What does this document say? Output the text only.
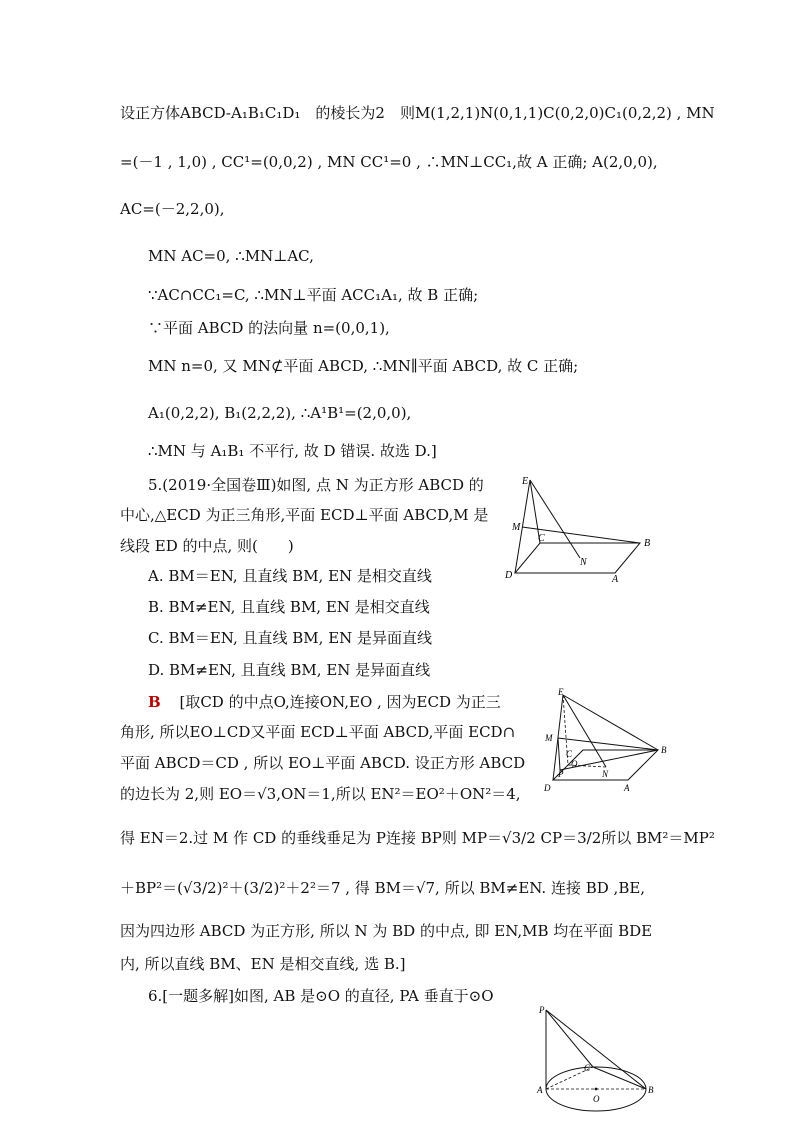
设正方体ABCD-A₁B₁C₁D₁　的棱长为2　则M(1,2,1)N(0,1,1)C(0,2,0)C₁(0,2,2) , MN
=(－1 , 1,0) , CC¹=(0,0,2) , MN CC¹=0 , ∴MN⊥CC₁,故 A 正确; A(2,0,0),
AC=(－2,2,0),
MN AC=0, ∴MN⊥AC,
∵AC∩CC₁=C, ∴MN⊥平面 ACC₁A₁, 故 B 正确;
∵平面 ABCD 的法向量 n=(0,0,1),
MN n=0, 又 MN⊄平面 ABCD, ∴MN∥平面 ABCD, 故 C 正确;
A₁(0,2,2), B₁(2,2,2), ∴A¹B¹=(2,0,0),
∴MN 与 A₁B₁ 不平行, 故 D 错误. 故选 D.]
5.(2019·全国卷Ⅲ)如图, 点 N 为正方形 ABCD 的
中心,△ECD 为正三角形,平面 ECD⊥平面 ABCD,M 是
线段 ED 的中点, 则(　　)
A. BM＝EN, 且直线 BM, EN 是相交直线
B. BM≠EN, 且直线 BM, EN 是相交直线
C. BM＝EN, 且直线 BM, EN 是异面直线
D. BM≠EN, 且直线 BM, EN 是异面直线
E
M
C
N
B
D	A
B [取CD 的中点O,连接ON,EO , 因为ECD 为正三
角形, 所以EO⊥CD又平面 ECD⊥平面 ABCD,平面 ECD∩
平面 ABCD＝CD , 所以 EO⊥平面 ABCD. 设正方形 ABCD
的边长为 2,则 EO＝√3,ON＝1,所以 EN²＝EO²＋ON²＝4,
得 EN＝2.过 M 作 CD 的垂线垂足为 P连接 BP则 MP＝√3/2 CP＝3/2所以 BM²＝MP²
＋BP²＝(√3/2)²＋(3/2)²＋2²＝7 , 得 BM＝√7, 所以 BM≠EN. 连接 BD ,BE,
因为四边形 ABCD 为正方形, 所以 N 为 BD 的中点, 即 EN,MB 均在平面 BDE
内, 所以直线 BM、EN 是相交直线, 选 B.]
E
M
C
O
P	N
B
D	A
6.[一题多解]如图, AB 是⊙O 的直径, PA 垂直于⊙O
P
C
A
O
B
